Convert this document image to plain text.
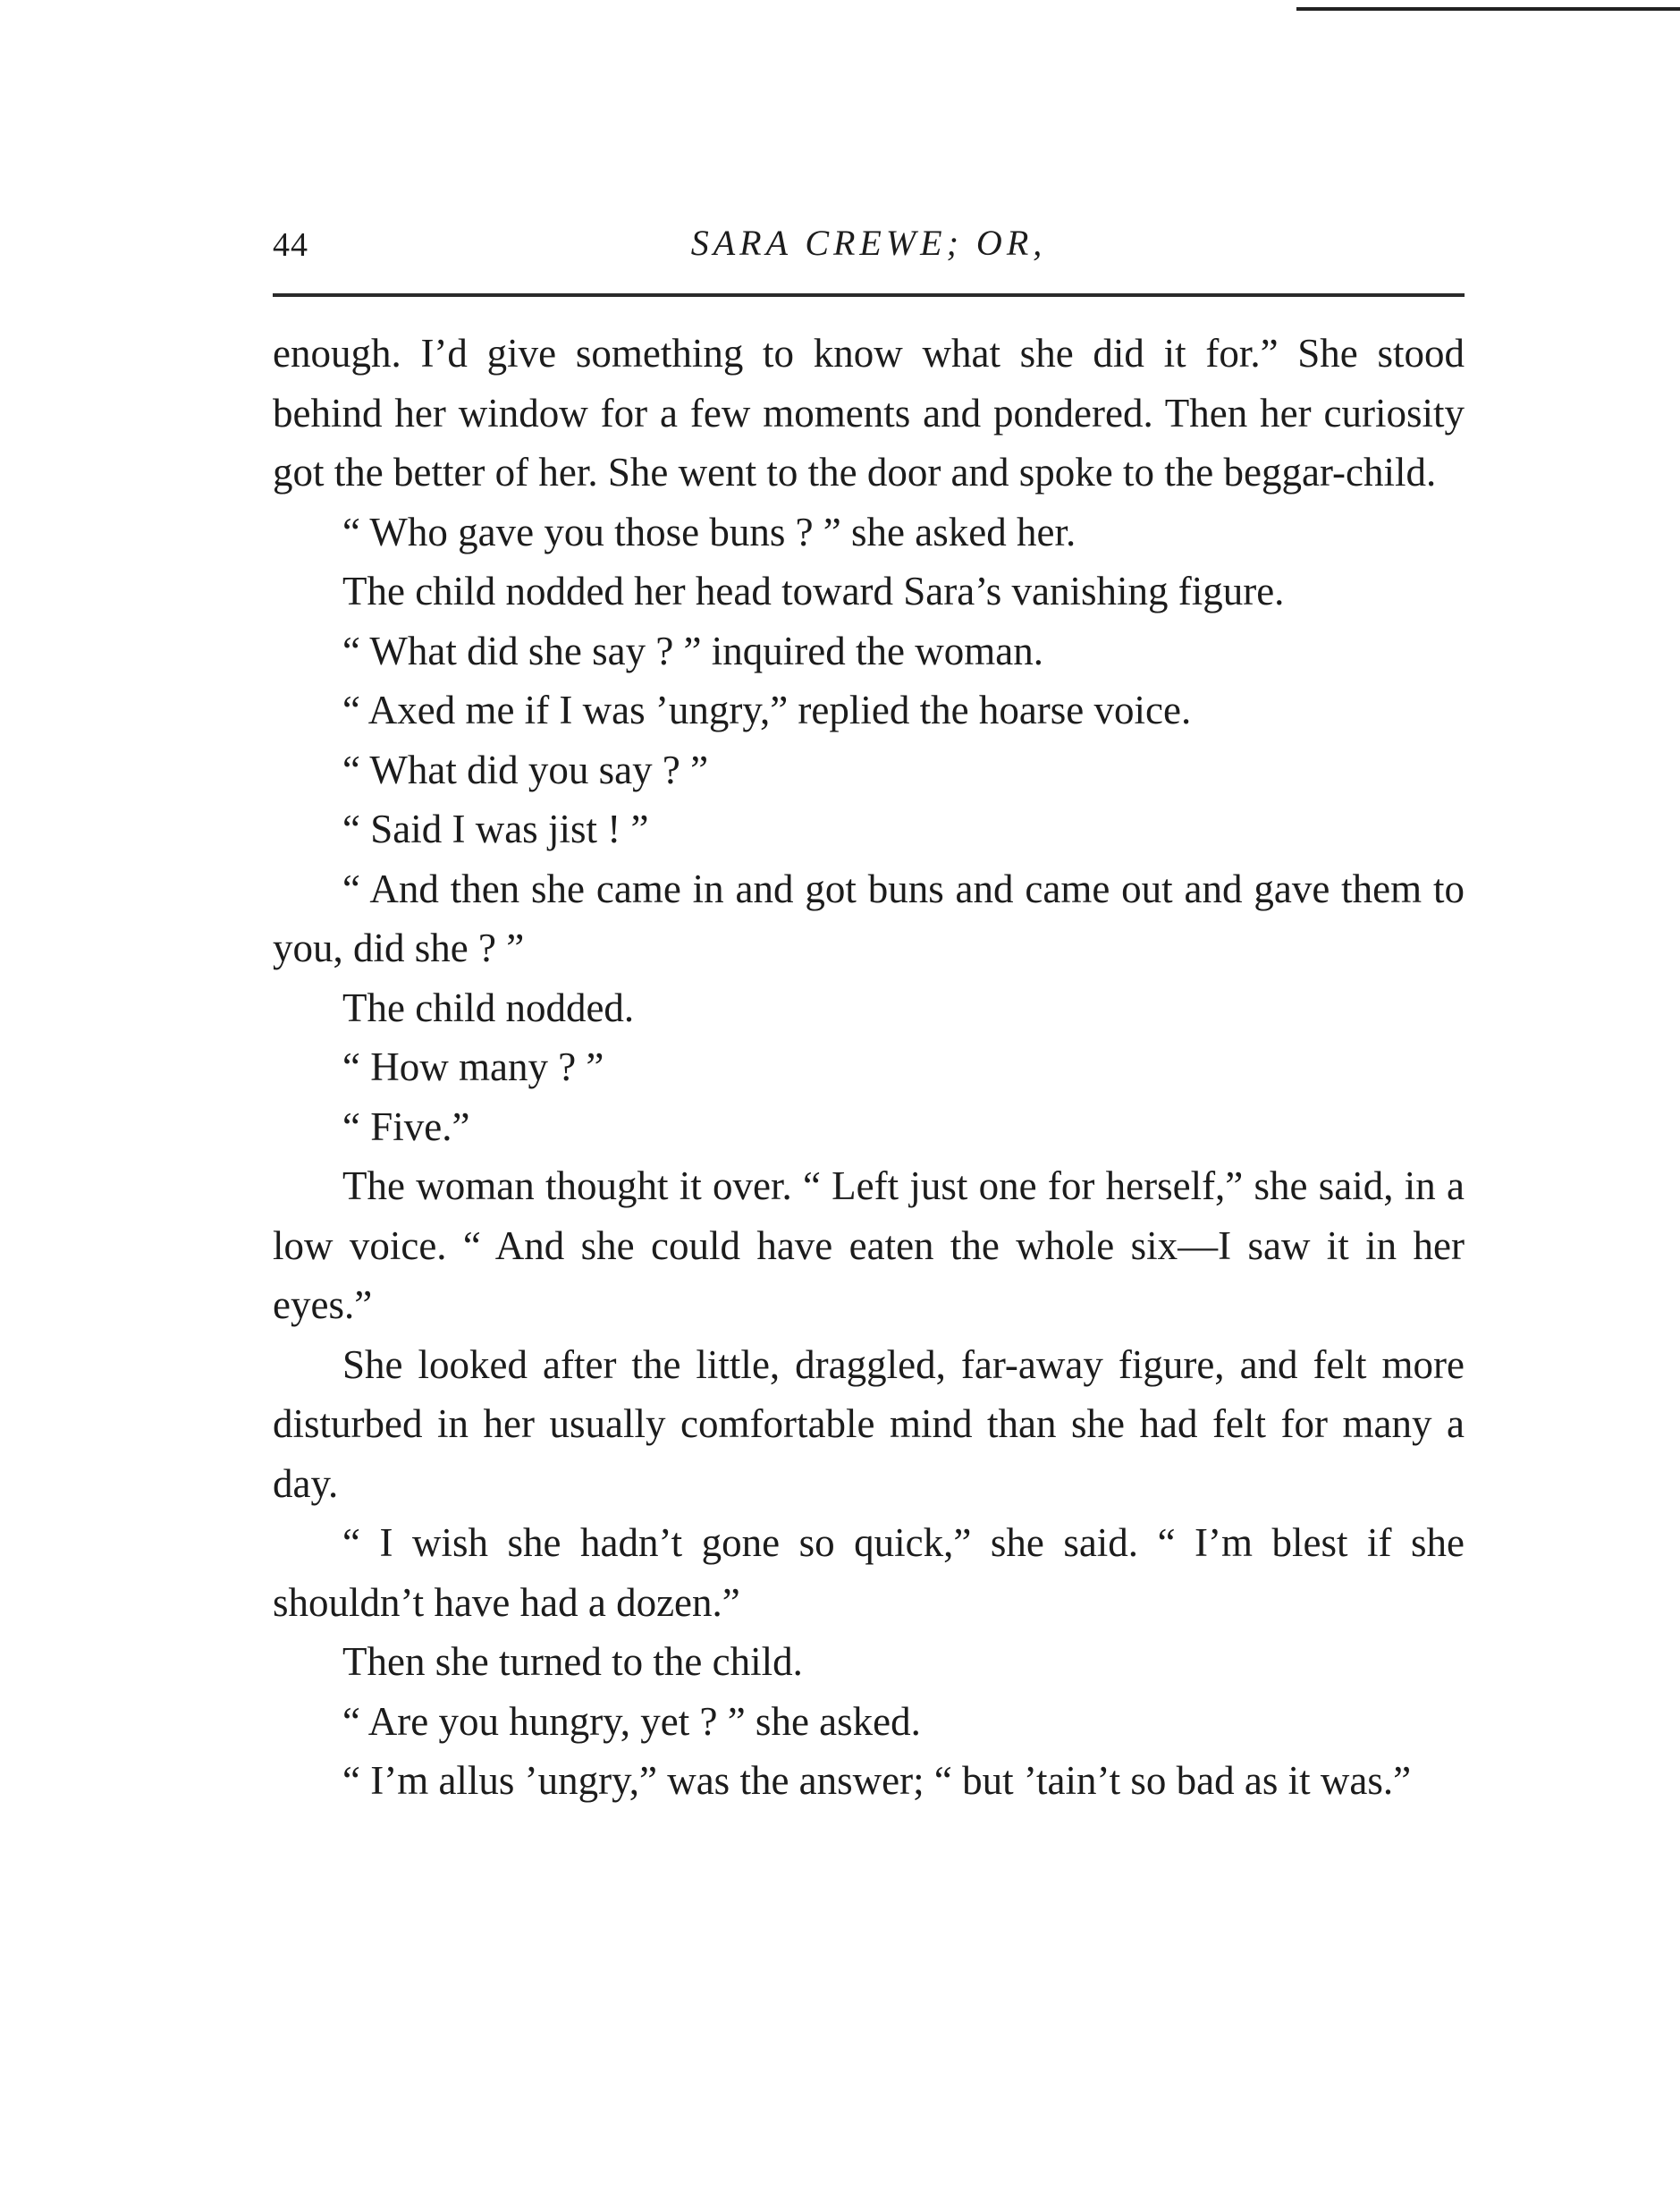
44	SARA CREWE; OR,

enough. I’d give something to know what she did it for.” She stood behind her window for a few moments and pondered. Then her curiosity got the better of her. She went to the door and spoke to the beggar-child.

“ Who gave you those buns ? ” she asked her.

The child nodded her head toward Sara’s vanishing figure.

“ What did she say ? ” inquired the woman.

“ Axed me if I was ’ungry,” replied the hoarse voice.

“ What did you say ? ”

“ Said I was jist ! ”

“ And then she came in and got buns and came out and gave them to you, did she ? ”

The child nodded.

“ How many ? ”

“ Five.”

The woman thought it over. “ Left just one for herself,” she said, in a low voice. “ And she could have eaten the whole six—I saw it in her eyes.”

She looked after the little, draggled, far-away figure, and felt more disturbed in her usually comfortable mind than she had felt for many a day.

“ I wish she hadn’t gone so quick,” she said. “ I’m blest if she shouldn’t have had a dozen.”

Then she turned to the child.

“ Are you hungry, yet ? ” she asked.

“ I’m allus ’ungry,” was the answer; “ but ’tain’t so bad as it was.”
